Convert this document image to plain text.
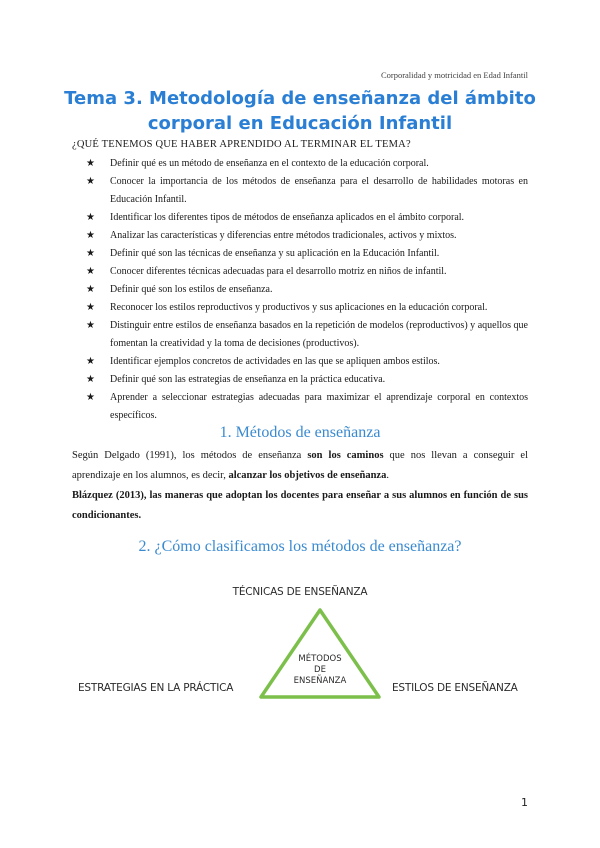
Corporalidad y motricidad en Edad Infantil
Tema 3. Metodología de enseñanza del ámbito
corporal en Educación Infantil

¿QUÉ TENEMOS QUE HABER APRENDIDO AL TERMINAR EL TEMA?

★ Definir qué es un método de enseñanza en el contexto de la educación corporal.
★ Conocer la importancia de los métodos de enseñanza para el desarrollo de habilidades motoras en Educación Infantil.
★ Identificar los diferentes tipos de métodos de enseñanza aplicados en el ámbito corporal.
★ Analizar las características y diferencias entre métodos tradicionales, activos y mixtos.
★ Definir qué son las técnicas de enseñanza y su aplicación en la Educación Infantil.
★ Conocer diferentes técnicas adecuadas para el desarrollo motriz en niños de infantil.
★ Definir qué son los estilos de enseñanza.
★ Reconocer los estilos reproductivos y productivos y sus aplicaciones en la educación corporal.
★ Distinguir entre estilos de enseñanza basados en la repetición de modelos (reproductivos) y aquellos que fomentan la creatividad y la toma de decisiones (productivos).
★ Identificar ejemplos concretos de actividades en las que se apliquen ambos estilos.
★ Definir qué son las estrategias de enseñanza en la práctica educativa.
★ Aprender a seleccionar estrategias adecuadas para maximizar el aprendizaje corporal en contextos específicos.
1. Métodos de enseñanza

Según Delgado (1991), los métodos de enseñanza son los caminos que nos llevan a conseguir el aprendizaje en los alumnos, es decir, alcanzar los objetivos de enseñanza.

Blázquez (2013), las maneras que adoptan los docentes para enseñar a sus alumnos en función de sus condicionantes.

2. ¿Cómo clasificamos los métodos de enseñanza?
TÉCNICAS DE ENSEÑANZA
ESTRATEGIAS EN LA PRÁCTICA	ESTILOS DE ENSEÑANZA
MÉTODOS
DE
ENSEÑANZA
1
